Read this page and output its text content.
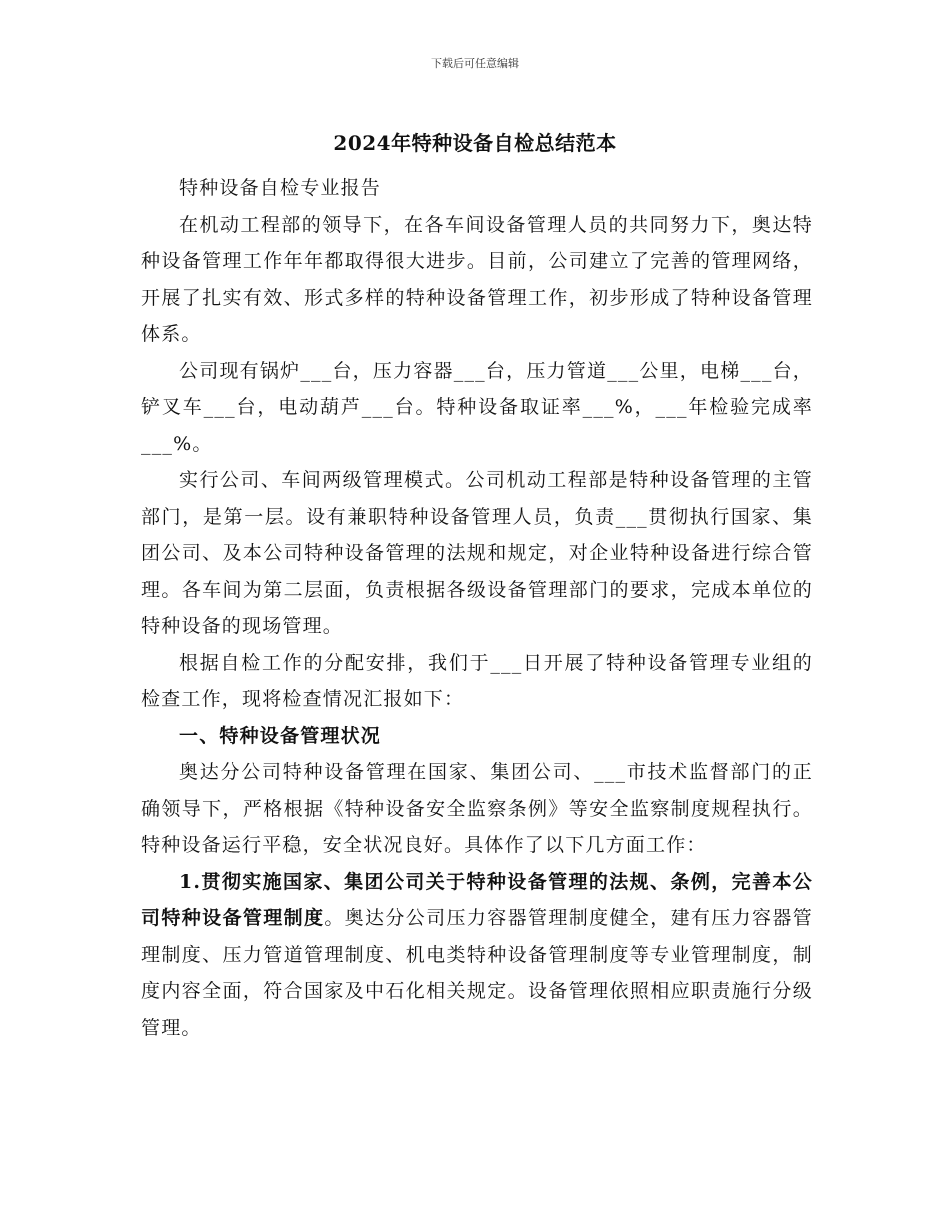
下载后可任意编辑
2024年特种设备自检总结范本

特种设备自检专业报告

在机动工程部的领导下，在各车间设备管理人员的共同努力下，奥达特种设备管理工作年年都取得很大进步。目前，公司建立了完善的管理网络，开展了扎实有效、形式多样的特种设备管理工作，初步形成了特种设备管理体系。

公司现有锅炉___台，压力容器___台，压力管道___公里，电梯___台，铲叉车___台，电动葫芦___台。特种设备取证率___%，___年检验完成率___%。

实行公司、车间两级管理模式。公司机动工程部是特种设备管理的主管部门，是第一层。设有兼职特种设备管理人员，负责___贯彻执行国家、集团公司、及本公司特种设备管理的法规和规定，对企业特种设备进行综合管理。各车间为第二层面，负责根据各级设备管理部门的要求，完成本单位的特种设备的现场管理。

根据自检工作的分配安排，我们于___日开展了特种设备管理专业组的检查工作，现将检查情况汇报如下：

一、特种设备管理状况

奥达分公司特种设备管理在国家、集团公司、___市技术监督部门的正确领导下，严格根据《特种设备安全监察条例》等安全监察制度规程执行。特种设备运行平稳，安全状况良好。具体作了以下几方面工作：

1.贯彻实施国家、集团公司关于特种设备管理的法规、条例，完善本公司特种设备管理制度。奥达分公司压力容器管理制度健全，建有压力容器管理制度、压力管道管理制度、机电类特种设备管理制度等专业管理制度，制度内容全面，符合国家及中石化相关规定。设备管理依照相应职责施行分级管理。
